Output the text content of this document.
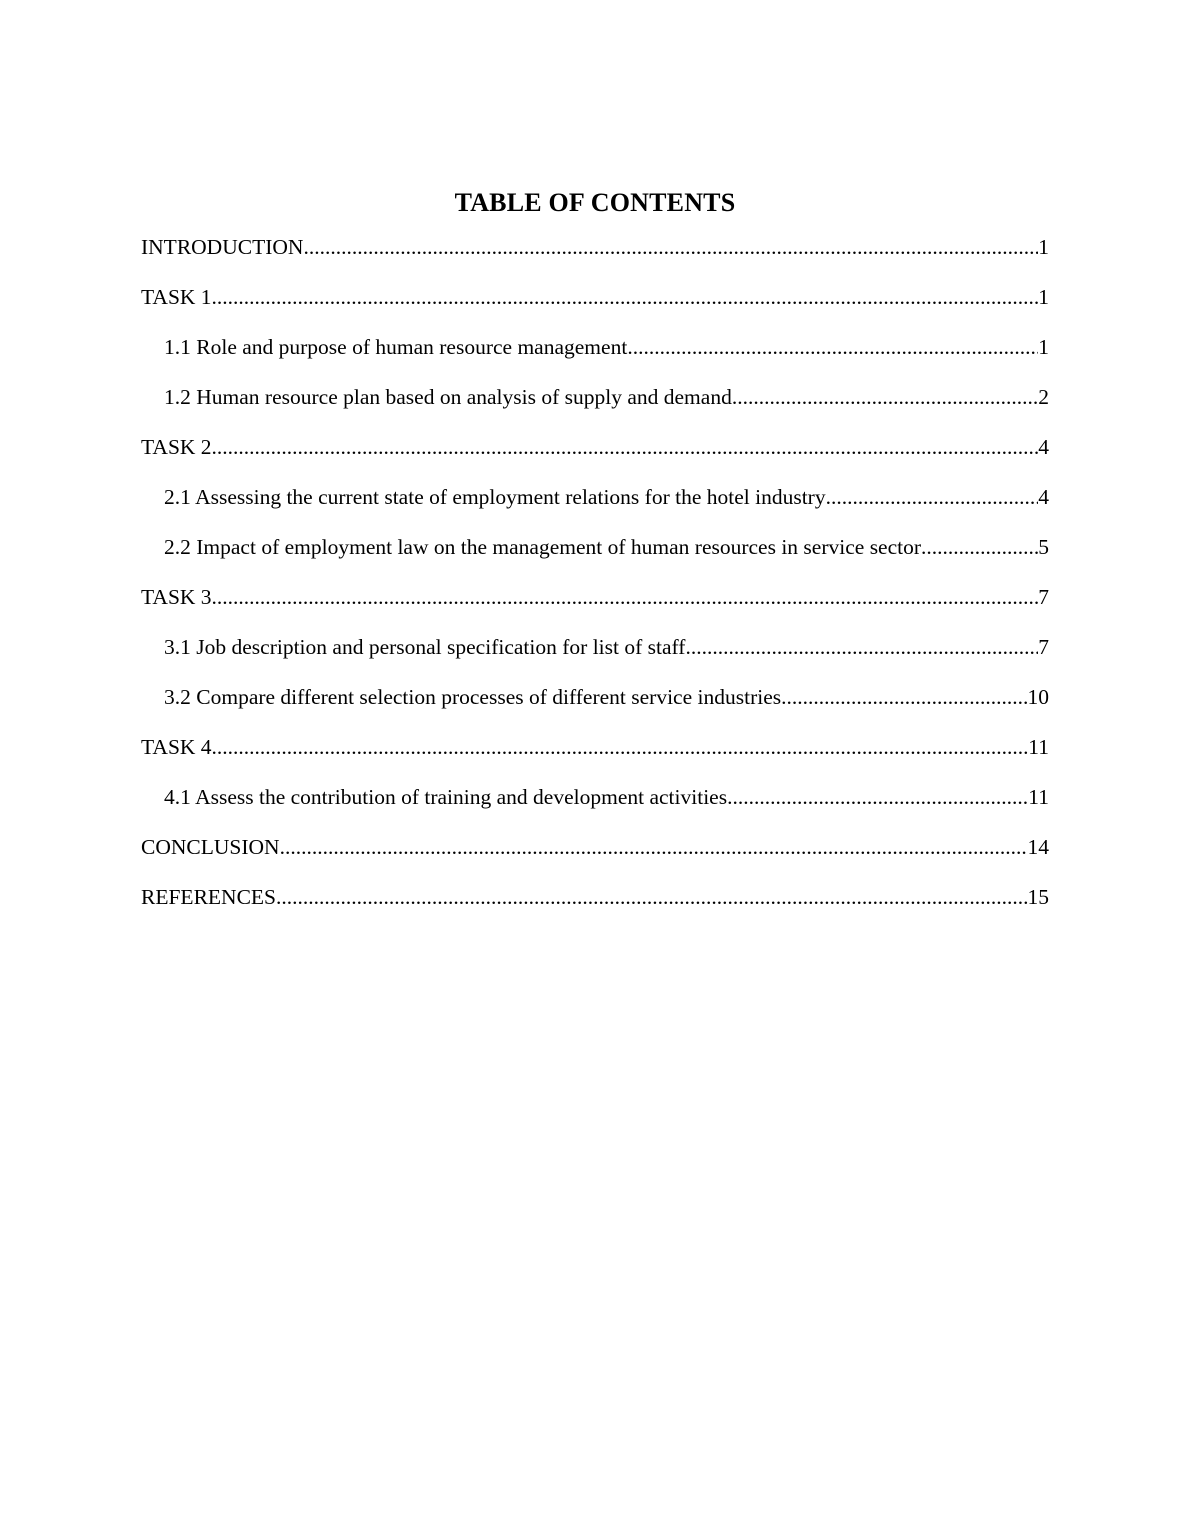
TABLE OF CONTENTS
INTRODUCTION .....	1
TASK 1 .....	1
1.1 Role and purpose of human resource management .....	1
1.2 Human resource plan based on analysis of supply and demand .....	2
TASK 2 .....	4
2.1 Assessing the current state of employment relations for the hotel industry .....	4
2.2 Impact of employment law on the management of human resources in service sector .....	5
TASK 3 .....	7
3.1 Job description and personal specification for list of staff .....	7
3.2 Compare different selection processes of different service industries .....	10
TASK 4 .....	11
4.1 Assess the contribution of training and development activities .....	11
CONCLUSION .....	14
REFERENCES .....	15
